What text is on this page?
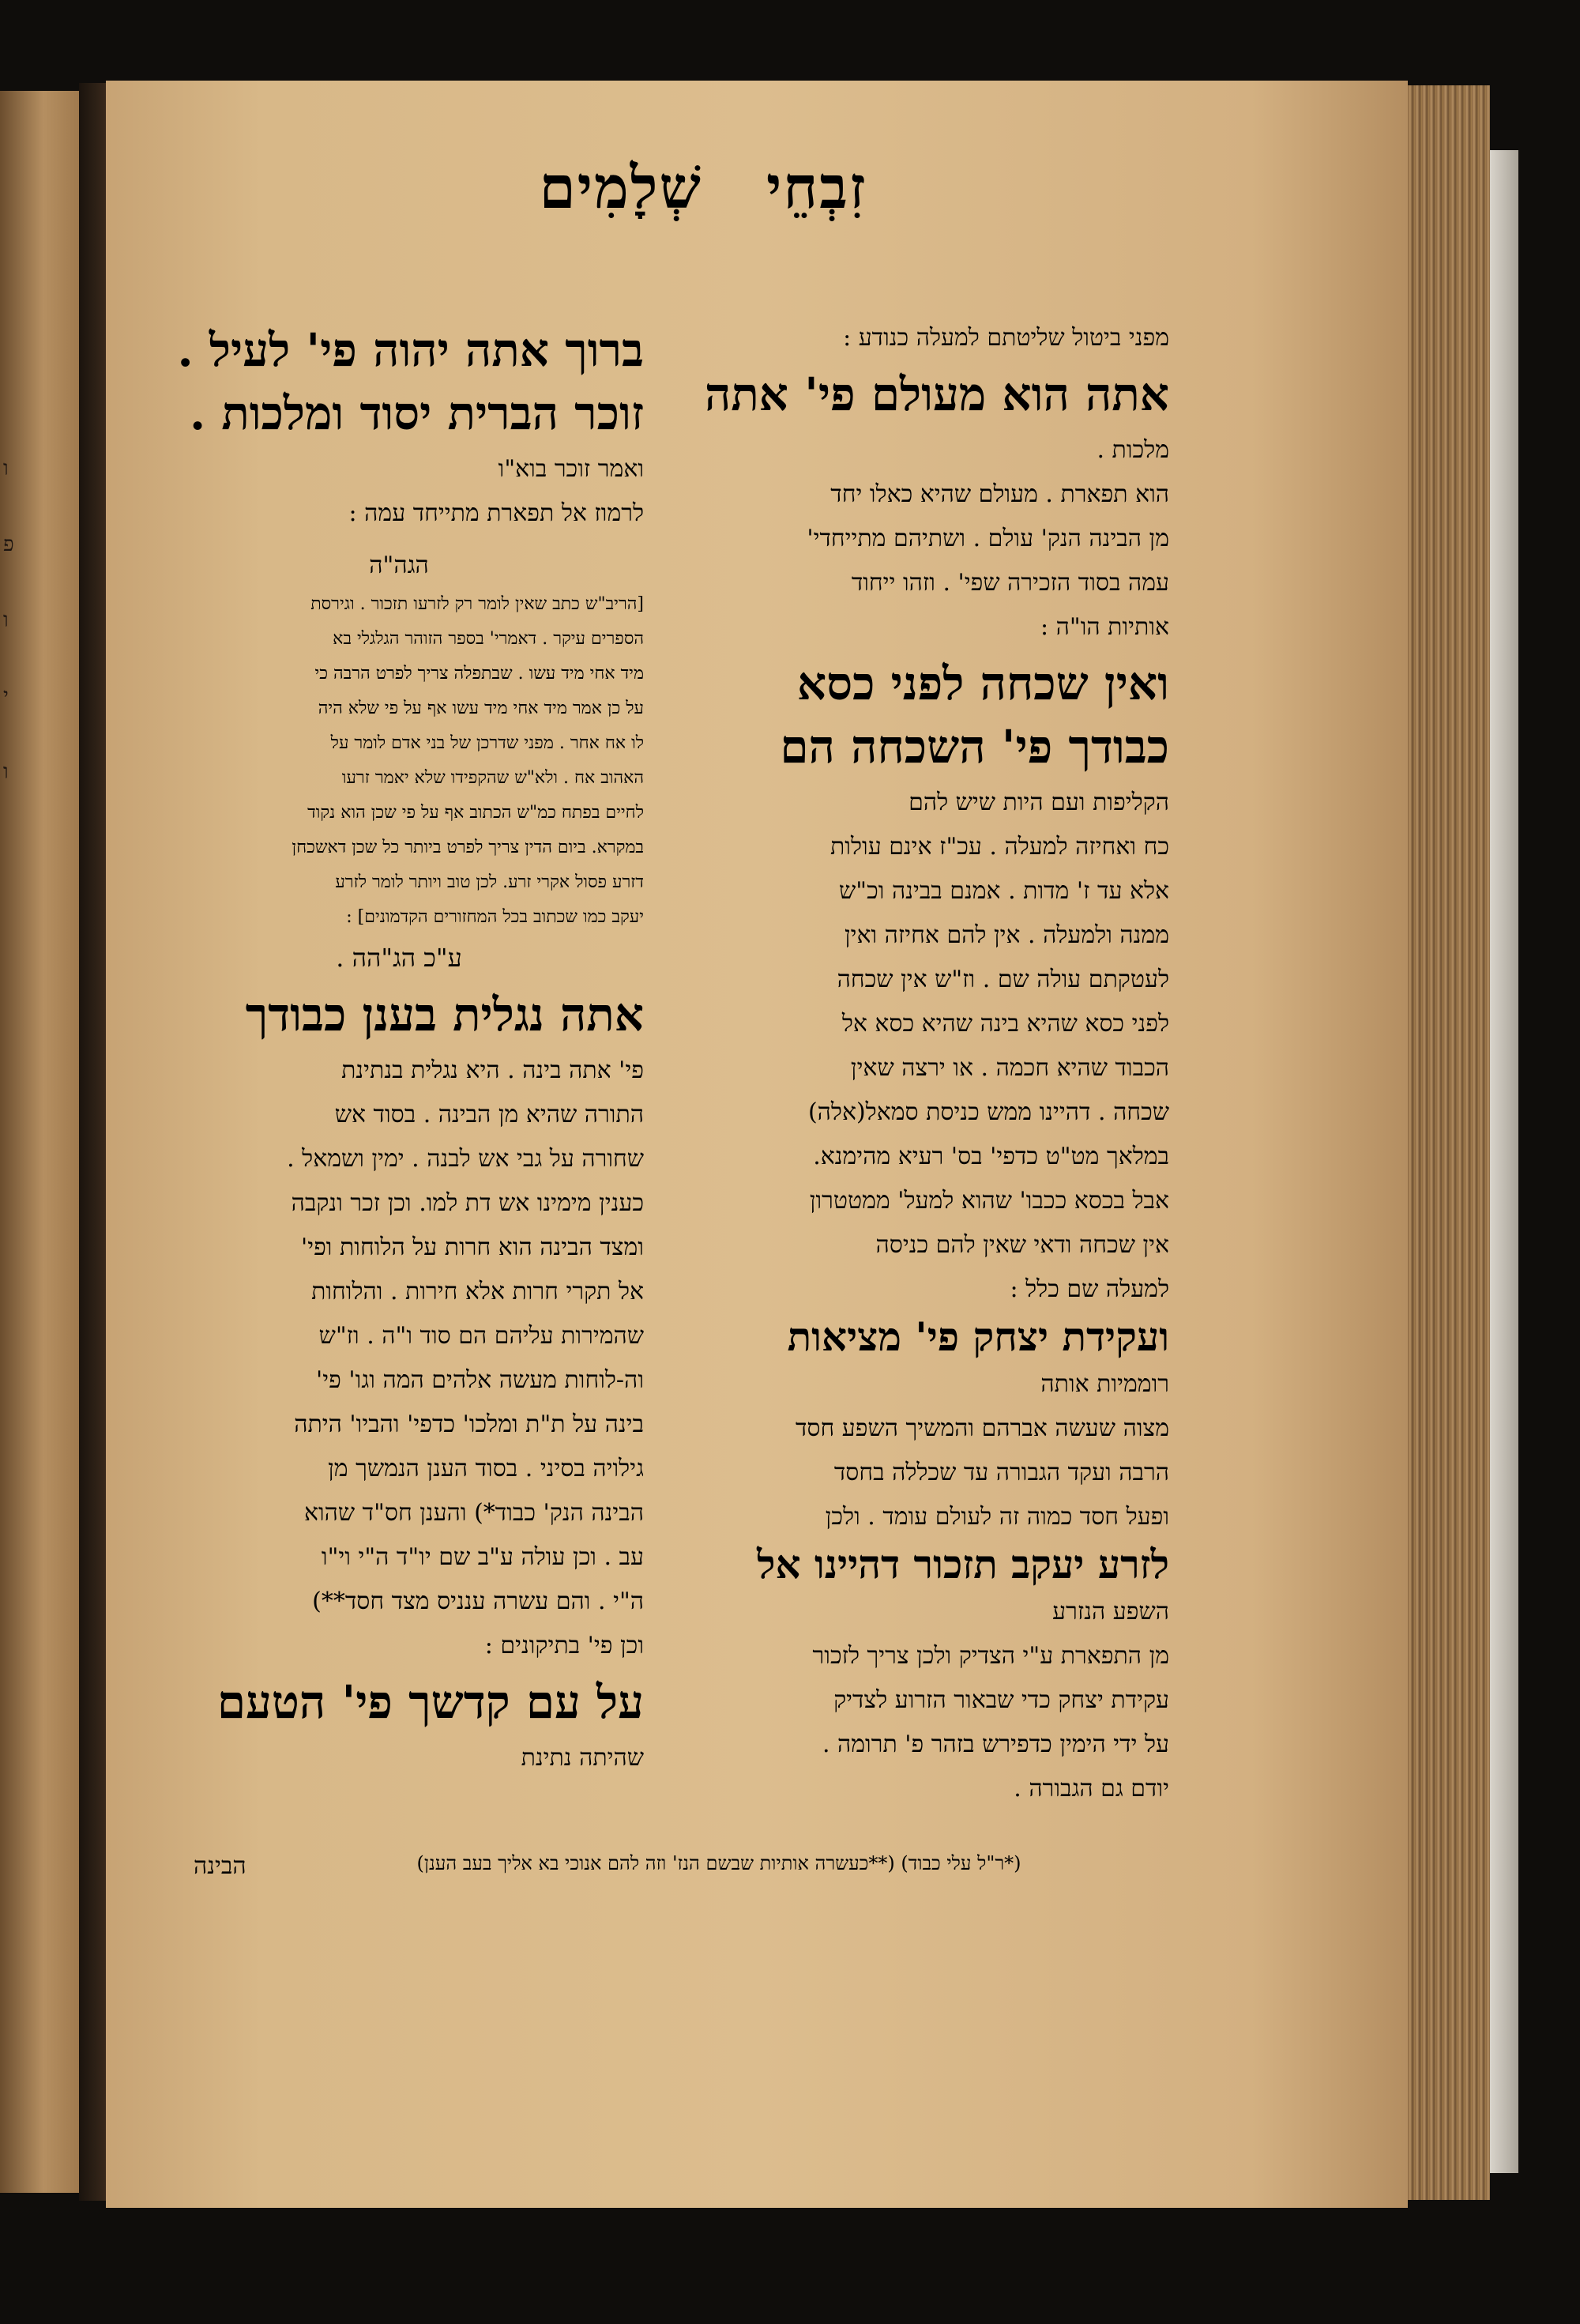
ו
פ
ו
י
ו
זִבְחֵי שְׁלָמִים
מפני ביטול שליטתם למעלה כנודע :
אתה הוא מעולם פי' אתה
מלכות .
הוא תפארת . מעולם שהיא כאלו יחד
מן הבינה הנק' עולם . ושתיהם מתייחדי'
עמה בסוד הזכירה שפי' . וזהו ייחוד
אותיות הו"ה :
ואין שכחה לפני כסא
כבודך פי' השכחה הם
הקליפות ועם היות שיש להם
כח ואחיזה למעלה . עכ"ז אינם עולות
אלא עד ז' מדות . אמנם בבינה וכ"ש
ממנה ולמעלה . אין להם אחיזה ואין
לעטקתם עולה שם . וז"ש אין שכחה
לפני כסא שהיא בינה שהיא כסא אל
הכבוד שהיא חכמה . או ירצה שאין
שכחה . דהיינו ממש כניסת סמאל(אלה)
במלאך מט"ט כדפי' בס' רעיא מהימנא.
אבל בכסא ככבו' שהוא למעל' ממטטרון
אין שכחה ודאי שאין להם כניסה
למעלה שם כלל :
ועקידת יצחק פי' מציאות
רוממיות אותה
מצוה שעשה אברהם והמשיך השפע חסד
הרבה ועקד הגבורה עד שכללה בחסד
ופעל חסד כמוה זה לעולם עומד . ולכן
לזרע יעקב תזכור דהיינו אל
השפע הנזרע
מן התפארת ע"י הצדיק ולכן צריך לזכור
עקידת יצחק כדי שבאור הזרוע לצדיק
על ידי הימין כדפירש בזהר פ' תרומה .
יודם גם הגבורה .
ברוך אתה יהוה פי' לעיל .
זוכר הברית יסוד ומלכות .
ואמר זוכר בוא"ו
לרמוז אל תפארת מתייחד עמה :
הגה"ה
[הריב"ש כתב שאין לומר רק לזרעו תזכור . וגירסת
הספרים עיקר . דאמרי' בספר הזוהר הגלגלי בא
מיד אחי מיד עשו . שבתפלה צריך לפרט הרבה כי
על כן אמר מיד אחי מיד עשו אף על פי שלא היה
לו אח אחר . מפני שדרכן של בני אדם לומר על
האהוב אח . ולא"ש שהקפידו שלא יאמר זרעו
לחיים בפתח כמ"ש הכתוב אף על פי שכן הוא נקוד
במקרא. ביום הדין צריך לפרט ביותר כל שכן דאשכחן
דזרע פסול אקרי זרע. לכן טוב ויותר לומר לזרע
יעקב כמו שכתוב בכל המחזורים הקדמונים] :
ע"כ הג"הה .
אתה נגלית בענן כבודך
פי' אתה בינה . היא נגלית בנתינת
התורה שהיא מן הבינה . בסוד אש
שחורה על גבי אש לבנה . ימין ושמאל .
כענין מימינו אש דת למו. וכן זכר ונקבה
ומצד הבינה הוא חרות על הלוחות ופי'
אל תקרי חרות אלא חירות . והלוחות
שהמירות עליהם הם סוד ו"ה . וז"ש
וה-לוחות מעשה אלהים המה וגו' פי'
בינה על ת"ת ומלכו' כדפי' והביו' היתה
גילויה בסיני . בסוד הענן הנמשך מן
הבינה הנק' כבוד*) והענן חס"ד שהוא
עב . וכן עולה ע"ב שם יו"ד ה"י וי"ו
ה"י . והם עשרה ענניס מצד חסד**)
וכן פי' בתיקונים :
על עם קדשך פי' הטעם
שהיתה נתינת
(*ר"ל עלי כבוד) (**כעשרה אותיות שבשם הנז' וזה להם אנוכי בא אליך בעב הענן)
הבינה
